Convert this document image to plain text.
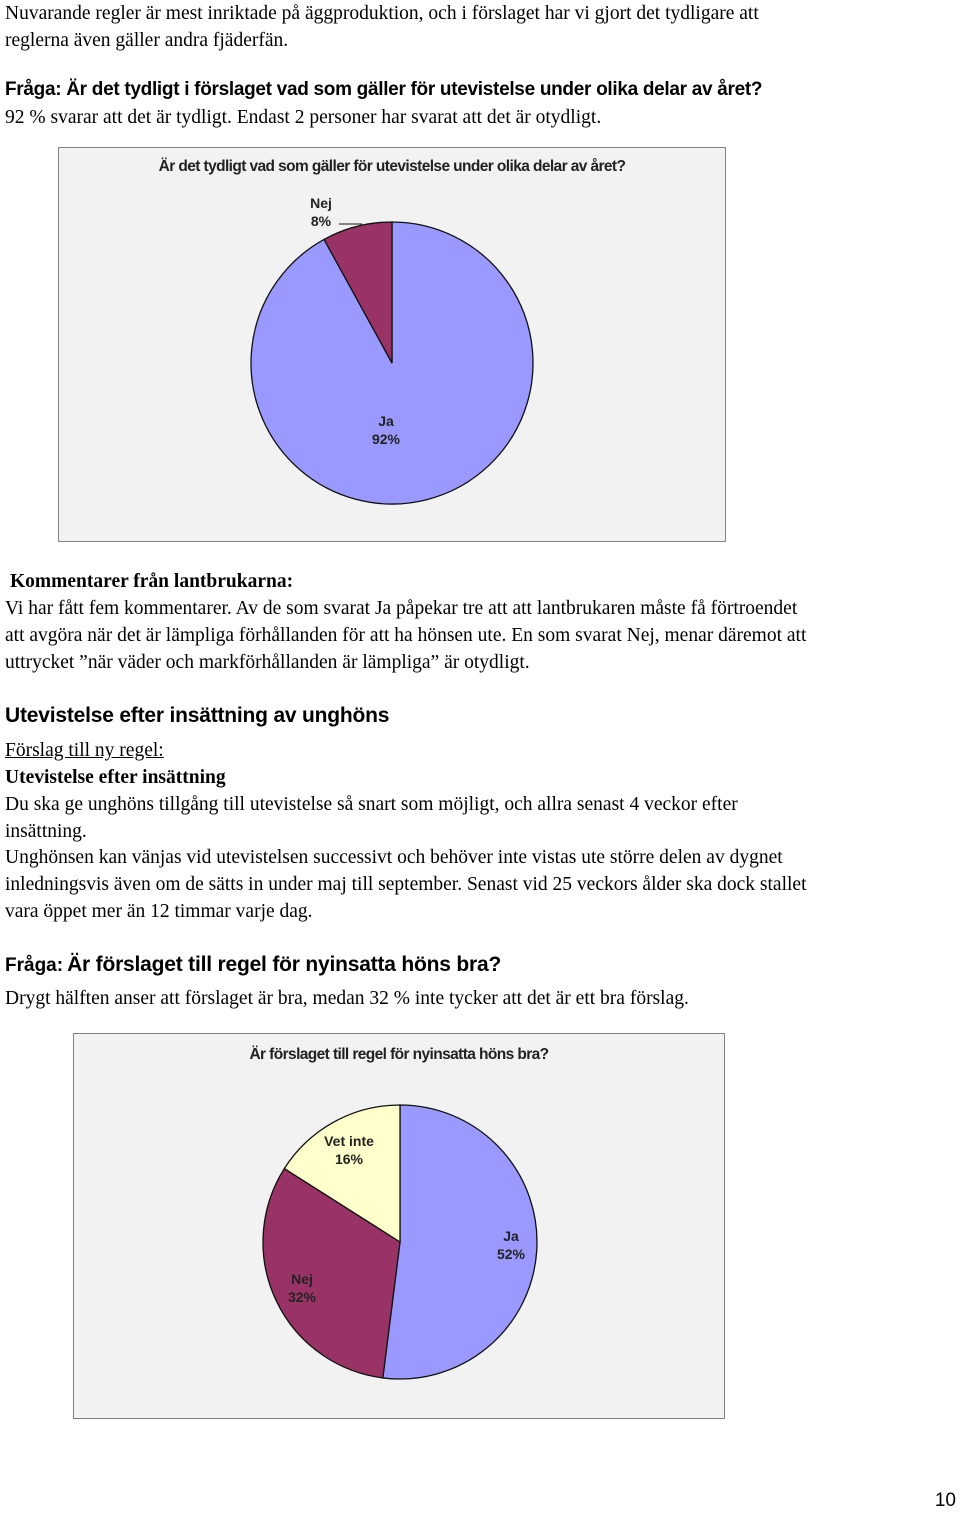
Nuvarande regler är mest inriktade på äggproduktion, och i förslaget har vi gjort det tydligare att
reglerna även gäller andra fjäderfän.

Fråga: Är det tydligt i förslaget vad som gäller för utevistelse under olika delar av året?

92 % svarar att det är tydligt. Endast 2 personer har svarat att det är otydligt.

Är det tydligt vad som gäller för utevistelse under olika delar av året?
Ja
92%
Nej
8%
Kommentarer från lantbrukarna:

Vi har fått fem kommentarer. Av de som svarat Ja påpekar tre att att lantbrukaren måste få förtroendet
att avgöra när det är lämpliga förhållanden för att ha hönsen ute. En som svarat Nej, menar däremot att
uttrycket ”när väder och markförhållanden är lämpliga” är otydligt.

Utevistelse efter insättning av unghöns
Förslag till ny regel:
Utevistelse efter insättning

Du ska ge unghöns tillgång till utevistelse så snart som möjligt, och allra senast 4 veckor efter
insättning.

Unghönsen kan vänjas vid utevistelsen successivt och behöver inte vistas ute större delen av dygnet
inledningsvis även om de sätts in under maj till september. Senast vid 25 veckors ålder ska dock stallet
vara öppet mer än 12 timmar varje dag.

Fråga: Är förslaget till regel för nyinsatta höns bra?

Drygt hälften anser att förslaget är bra, medan 32 % inte tycker att det är ett bra förslag.

Är förslaget till regel för nyinsatta höns bra?
Ja
52%
Nej
32%
Vet inte
16%
10
